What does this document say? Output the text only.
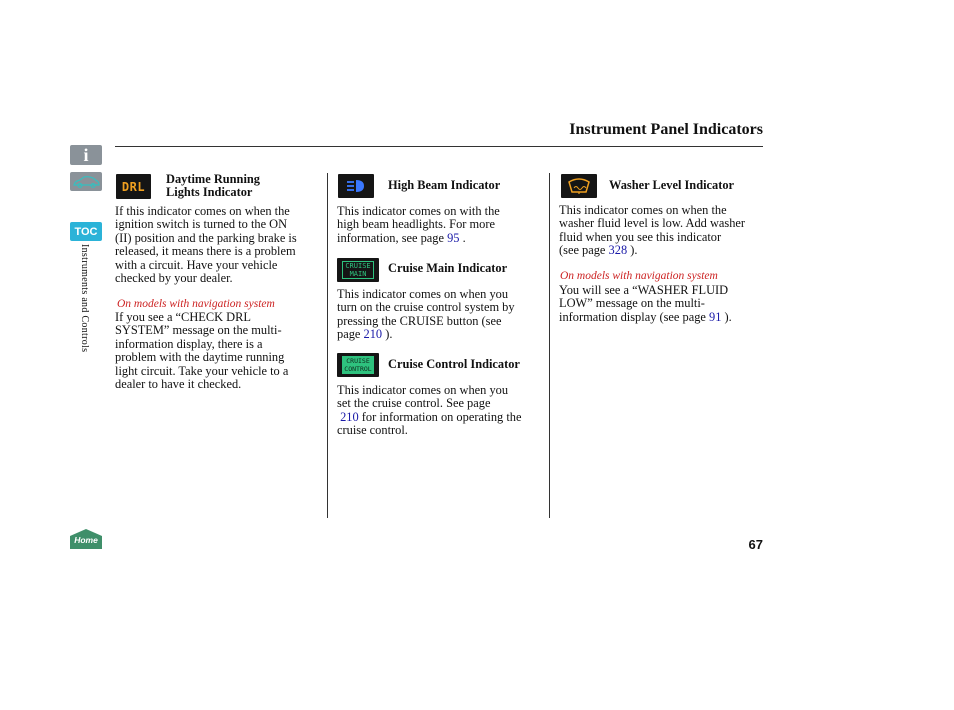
i
TOC
Instruments and Controls
Home
Instrument Panel Indicators
DRL
Daytime Running
Lights Indicator
If this indicator comes on when the
ignition switch is turned to the ON
(II) position and the parking brake is
released, it means there is a problem
with a circuit. Have your vehicle
checked by your dealer.
On models with navigation system
If you see a “CHECK DRL
SYSTEM” message on the multi-
information display, there is a
problem with the daytime running
light circuit. Take your vehicle to a
dealer to have it checked.
High Beam Indicator
This indicator comes on with the
high beam headlights. For more
information, see page 95 .
CRUISE
MAIN	Cruise Main Indicator
This indicator comes on when you
turn on the cruise control system by
pressing the CRUISE button (see
page 210 ).
CRUISE
CONTROL Cruise Control Indicator
This indicator comes on when you
set the cruise control. See page
210 for information on operating the
cruise control.
Washer Level Indicator
This indicator comes on when the
washer fluid level is low. Add washer
fluid when you see this indicator
(see page 328 ).
On models with navigation system
You will see a “WASHER FLUID
LOW” message on the multi-
information display (see page 91 ).
67
